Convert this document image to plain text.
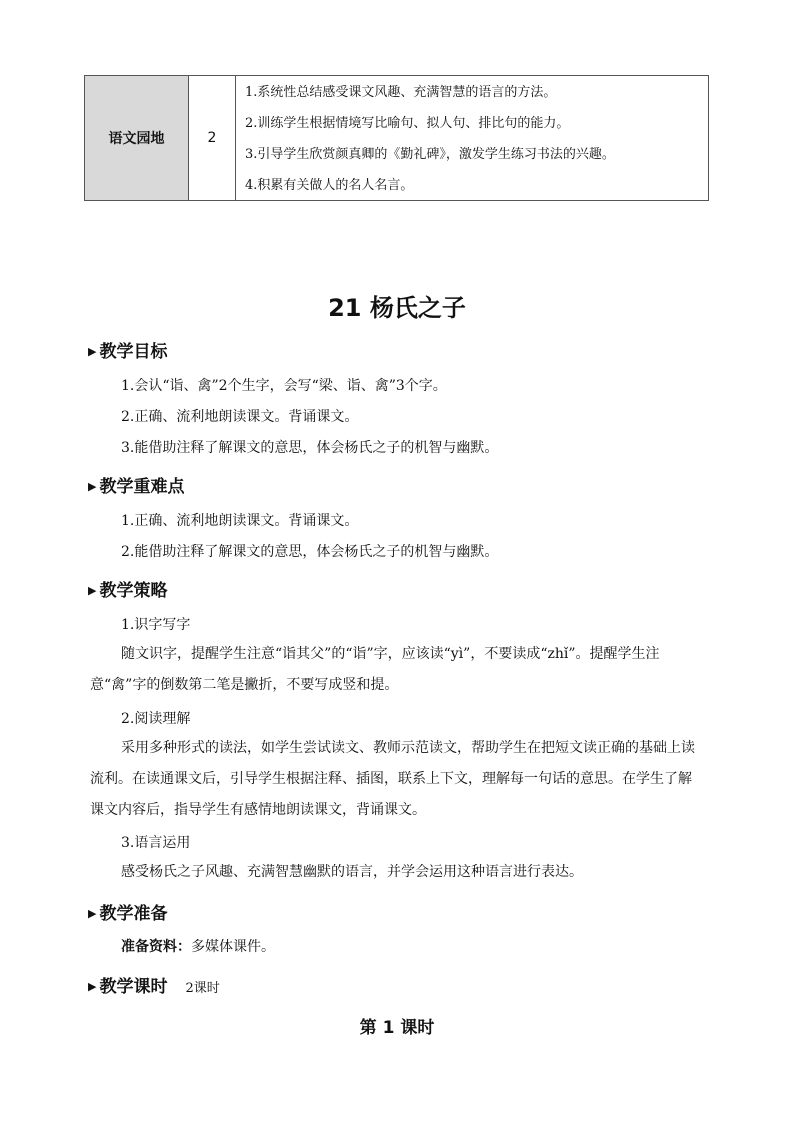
语文园地	2
1.系统性总结感受课文风趣、充满智慧的语言的方法。
2.训练学生根据情境写比喻句、拟人句、排比句的能力。
3.引导学生欣赏颜真卿的《勤礼碑》，激发学生练习书法的兴趣。
4.积累有关做人的名人名言。
21 杨氏之子
▶ 教学目标
1.会认“诣、禽”2个生字，会写“梁、诣、禽”3个字。
2.正确、流利地朗读课文。背诵课文。
3.能借助注释了解课文的意思，体会杨氏之子的机智与幽默。
▶ 教学重难点
1.正确、流利地朗读课文。背诵课文。
2.能借助注释了解课文的意思，体会杨氏之子的机智与幽默。
▶ 教学策略
1.识字写字
随文识字，提醒学生注意“诣其父”的“诣”字，应该读“yì”，不要读成“zhǐ”。提醒学生注意“禽”字的倒数第二笔是撇折，不要写成竖和提。
2.阅读理解
采用多种形式的读法，如学生尝试读文、教师示范读文，帮助学生在把短文读正确的基础上读流利。在读通课文后，引导学生根据注释、插图，联系上下文，理解每一句话的意思。在学生了解课文内容后，指导学生有感情地朗读课文，背诵课文。
3.语言运用
感受杨氏之子风趣、充满智慧幽默的语言，并学会运用这种语言进行表达。
▶ 教学准备
准备资料：多媒体课件。
▶ 教学课时 2课时
第 1 课时
